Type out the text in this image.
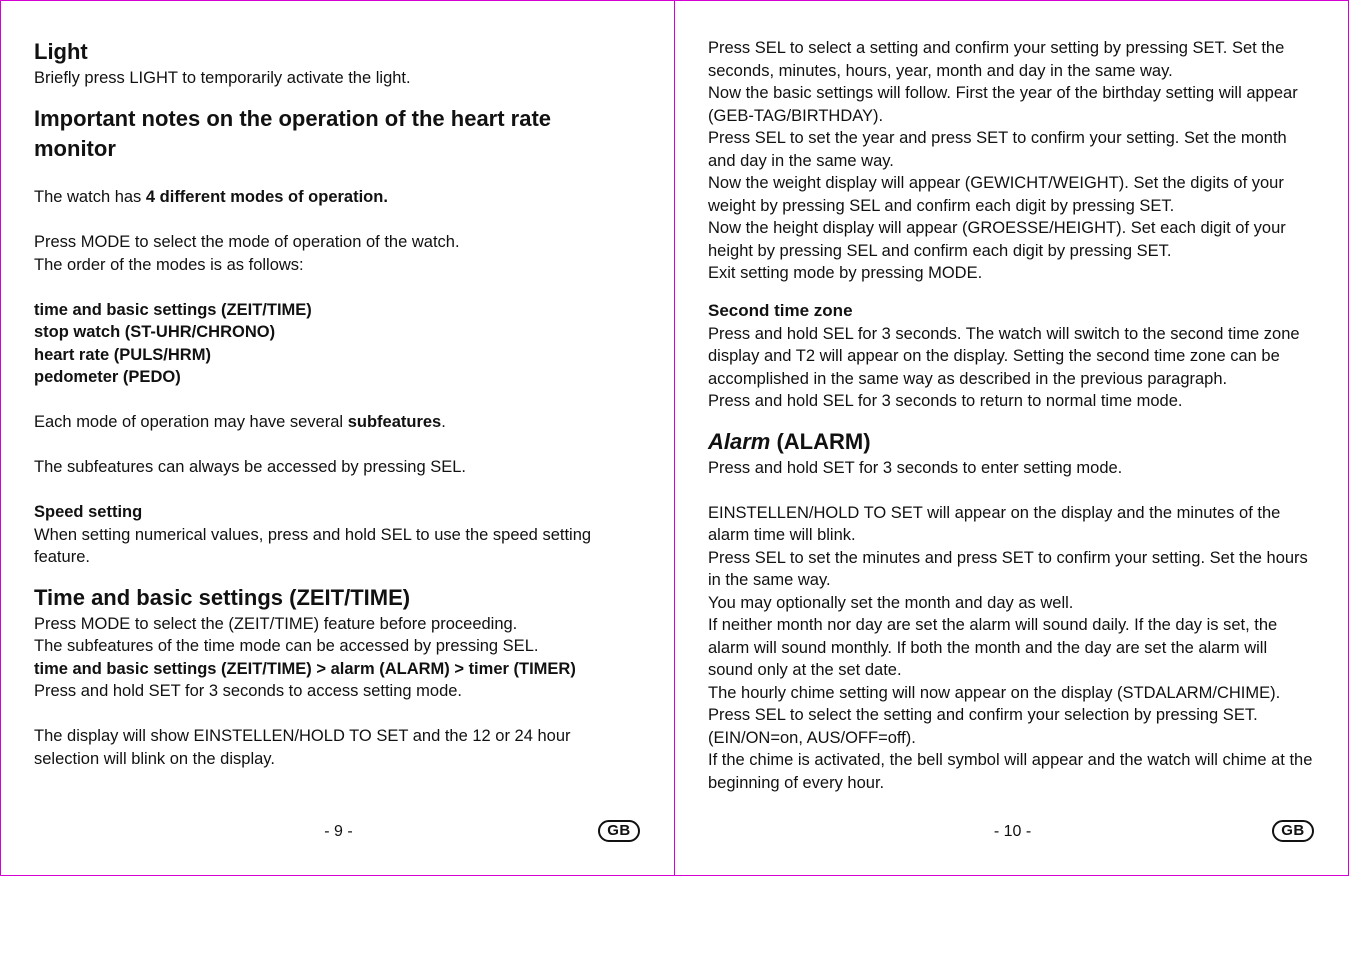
Light

Briefly press LIGHT to temporarily activate the light.

Important notes on the operation of the heart rate monitor

The watch has 4 different modes of operation.

Press MODE to select the mode of operation of the watch.

The order of the modes is as follows:

time and basic settings (ZEIT/TIME)

stop watch (ST-UHR/CHRONO)

heart rate (PULS/HRM)

pedometer (PEDO)

Each mode of operation may have several subfeatures.

The subfeatures can always be accessed by pressing SEL.

Speed setting

When setting numerical values, press and hold SEL to use the speed setting feature.

Time and basic settings (ZEIT/TIME)

Press MODE to select the (ZEIT/TIME) feature before proceeding.

The subfeatures of the time mode can be accessed by pressing SEL.

time and basic settings (ZEIT/TIME) > alarm (ALARM) > timer (TIMER)

Press and hold SET for 3 seconds to access setting mode.

The display will show EINSTELLEN/HOLD TO SET and the 12 or 24 hour selection will blink on the display.

- 9 -	GB

Press SEL to select a setting and confirm your setting by pressing SET. Set the seconds, minutes, hours, year, month and day in the same way.

Now the basic settings will follow. First the year of the birthday setting will appear (GEB-TAG/BIRTHDAY).

Press SEL to set the year and press SET to confirm your setting. Set the month and day in the same way.

Now the weight display will appear (GEWICHT/WEIGHT). Set the digits of your weight by pressing SEL and confirm each digit by pressing SET.

Now the height display will appear (GROESSE/HEIGHT). Set each digit of your height by pressing SEL and confirm each digit by pressing SET.

Exit setting mode by pressing MODE.

Second time zone

Press and hold SEL for 3 seconds. The watch will switch to the second time zone display and T2 will appear on the display. Setting the second time zone can be accomplished in the same way as described in the previous paragraph.

Press and hold SEL for 3 seconds to return to normal time mode.

Alarm (ALARM)

Press and hold SET for 3 seconds to enter setting mode.

EINSTELLEN/HOLD TO SET will appear on the display and the minutes of the alarm time will blink.

Press SEL to set the minutes and press SET to confirm your setting. Set the hours in the same way.

You may optionally set the month and day as well.

If neither month nor day are set the alarm will sound daily. If the day is set, the alarm will sound monthly. If both the month and the day are set the alarm will sound only at the set date.

The hourly chime setting will now appear on the display (STDALARM/CHIME).

Press SEL to select the setting and confirm your selection by pressing SET. (EIN/ON=on, AUS/OFF=off).

If the chime is activated, the bell symbol will appear and the watch will chime at the beginning of every hour.

- 10 -	GB
